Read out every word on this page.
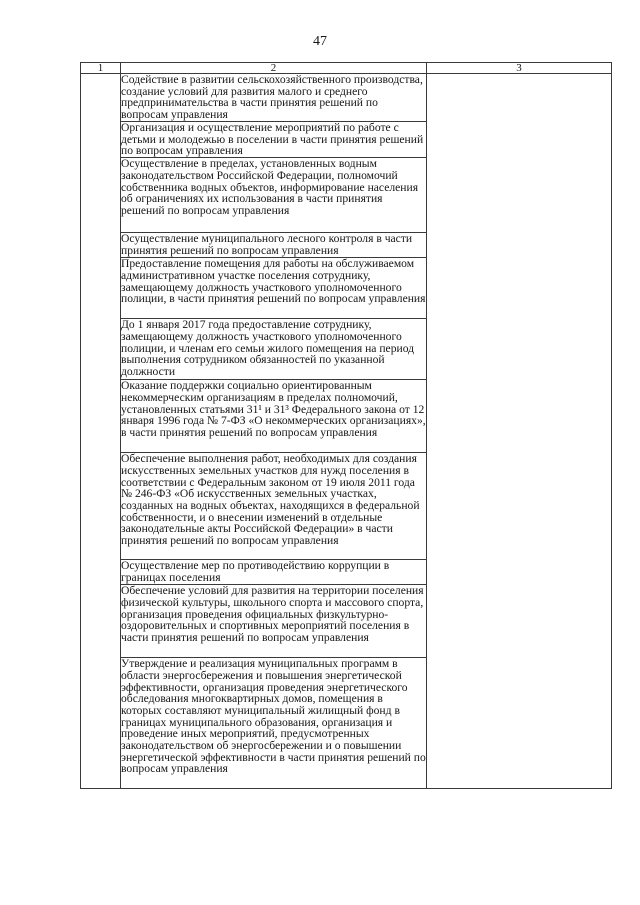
47
1	2	3
	Содействие в развитии сельскохозяйственного производства, создание условий для развития малого и среднего предпринимательства в части принятия решений по вопросам управления	
	Организация и осуществление мероприятий по работе с детьми и молодежью в поселении в части принятия решений по вопросам управления	
	Осуществление в пределах, установленных водным законодательством Российской Федерации, полномочий собственника водных объектов, информирование населения об ограничениях их использования в части принятия решений по вопросам управления	
	Осуществление муниципального лесного контроля в части принятия решений по вопросам управления	
	Предоставление помещения для работы на обслуживаемом административном участке поселения сотруднику, замещающему должность участкового уполномоченного полиции, в части принятия решений по вопросам управления	
	До 1 января 2017 года предоставление сотруднику, замещающему должность участкового уполномоченного полиции, и членам его семьи жилого помещения на период выполнения сотрудником обязанностей по указанной должности	
	Оказание поддержки социально ориентированным некоммерческим организациям в пределах полномочий, установленных статьями 31¹ и 31³ Федерального закона от 12 января 1996 года № 7-ФЗ «О некоммерческих организациях», в части принятия решений по вопросам управления	
	Обеспечение выполнения работ, необходимых для создания искусственных земельных участков для нужд поселения в соответствии с Федеральным законом от 19 июля 2011 года № 246-ФЗ «Об искусственных земельных участках, созданных на водных объектах, находящихся в федеральной собственности, и о внесении изменений в отдельные законодательные акты Российской Федерации» в части принятия решений по вопросам управления	
	Осуществление мер по противодействию коррупции в границах поселения	
	Обеспечение условий для развития на территории поселения физической культуры, школьного спорта и массового спорта, организация проведения официальных физкультурно-оздоровительных и спортивных мероприятий поселения в части принятия решений по вопросам управления	
	Утверждение и реализация муниципальных программ в области энергосбережения и повышения энергетической эффективности, организация проведения энергетического обследования многоквартирных домов, помещения в которых составляют муниципальный жилищный фонд в границах муниципального образования, организация и проведение иных мероприятий, предусмотренных законодательством об энергосбережении и о повышении энергетической эффективности в части принятия решений по вопросам управления	
